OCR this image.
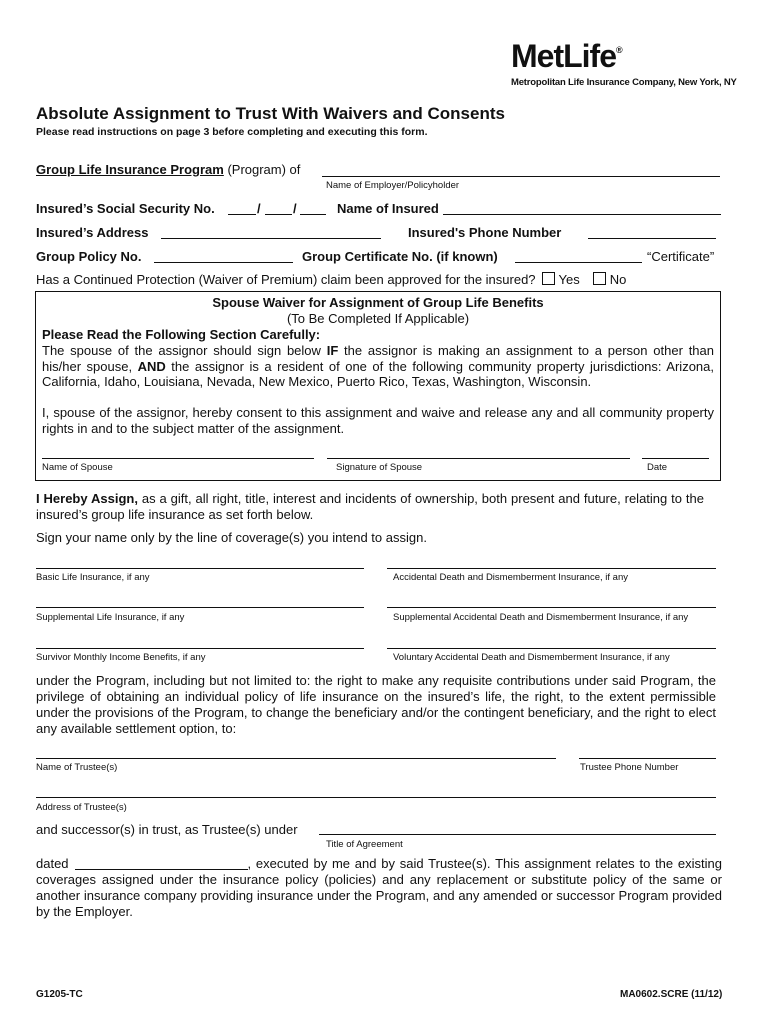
MetLife®
Metropolitan Life Insurance Company, New York, NY
Absolute Assignment to Trust With Waivers and Consents
Please read instructions on page 3 before completing and executing this form.
Group Life Insurance Program (Program) of
Name of Employer/Policyholder
Insured’s Social Security No.	/ /	Name of Insured
Insured’s Address	Insured's Phone Number
Group Policy No.	Group Certificate No. (if known)	“Certificate”
Has a Continued Protection (Waiver of Premium) claim been approved for the insured? Yes No
Spouse Waiver for Assignment of Group Life Benefits
(To Be Completed If Applicable)
Please Read the Following Section Carefully:
The spouse of the assignor should sign below IF the assignor is making an assignment to a person other than his/her spouse, AND the assignor is a resident of one of the following community property jurisdictions: Arizona, California, Idaho, Louisiana, Nevada, New Mexico, Puerto Rico, Texas, Washington, Wisconsin.
I, spouse of the assignor, hereby consent to this assignment and waive and release any and all community property rights in and to the subject matter of the assignment.
Name of Spouse	Signature of Spouse	Date
I Hereby Assign, as a gift, all right, title, interest and incidents of ownership, both present and future, relating to the insured’s group life insurance as set forth below.
Sign your name only by the line of coverage(s) you intend to assign.
Basic Life Insurance, if any	Accidental Death and Dismemberment Insurance, if any
Supplemental Life Insurance, if any	Supplemental Accidental Death and Dismemberment Insurance, if any
Survivor Monthly Income Benefits, if any	Voluntary Accidental Death and Dismemberment Insurance, if any
under the Program, including but not limited to: the right to make any requisite contributions under said Program, the privilege of obtaining an individual policy of life insurance on the insured’s life, the right, to the extent permissible under the provisions of the Program, to change the beneficiary and/or the contingent beneficiary, and the right to elect any available settlement option, to:
Name of Trustee(s)	Trustee Phone Number
Address of Trustee(s)
and successor(s) in trust, as Trustee(s) under
Title of Agreement
dated	, executed by me and by said Trustee(s). This assignment relates to the existing coverages assigned under the insurance policy (policies) and any replacement or substitute policy of the same or another insurance company providing insurance under the Program, and any amended or successor Program provided by the Employer.
G1205-TC	MA0602.SCRE (11/12)
